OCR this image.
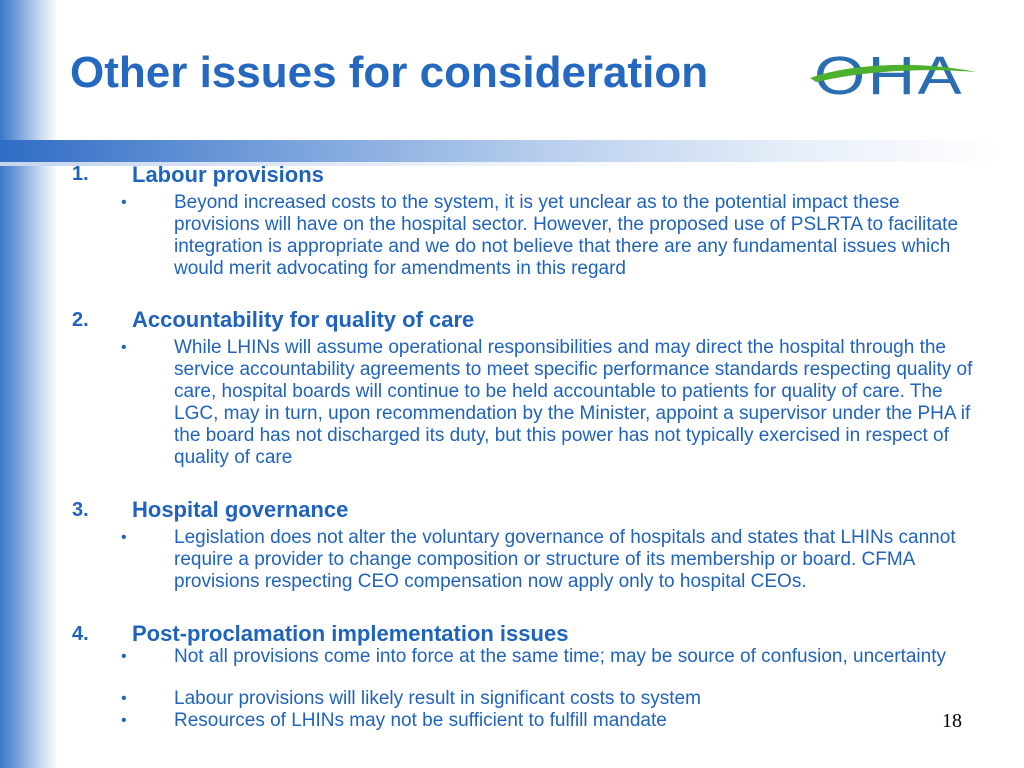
Other issues for consideration OHA
1. Labour provisions
• Beyond increased costs to the system, it is yet unclear as to the potential impact these provisions will have on the hospital sector. However, the proposed use of PSLRTA to facilitate integration is appropriate and we do not believe that there are any fundamental issues which would merit advocating for amendments in this regard

2. Accountability for quality of care
• While LHINs will assume operational responsibilities and may direct the hospital through the service accountability agreements to meet specific performance standards respecting quality of care, hospital boards will continue to be held accountable to patients for quality of care. The LGC, may in turn, upon recommendation by the Minister, appoint a supervisor under the PHA if the board has not discharged its duty, but this power has not typically exercised in respect of quality of care

3. Hospital governance
• Legislation does not alter the voluntary governance of hospitals and states that LHINs cannot require a provider to change composition or structure of its membership or board. CFMA provisions respecting CEO compensation now apply only to hospital CEOs.

4. Post-proclamation implementation issues
• Not all provisions come into force at the same time; may be source of confusion, uncertainty

• Labour provisions will likely result in significant costs to system

• Resources of LHINs may not be sufficient to fulfill mandate	18
